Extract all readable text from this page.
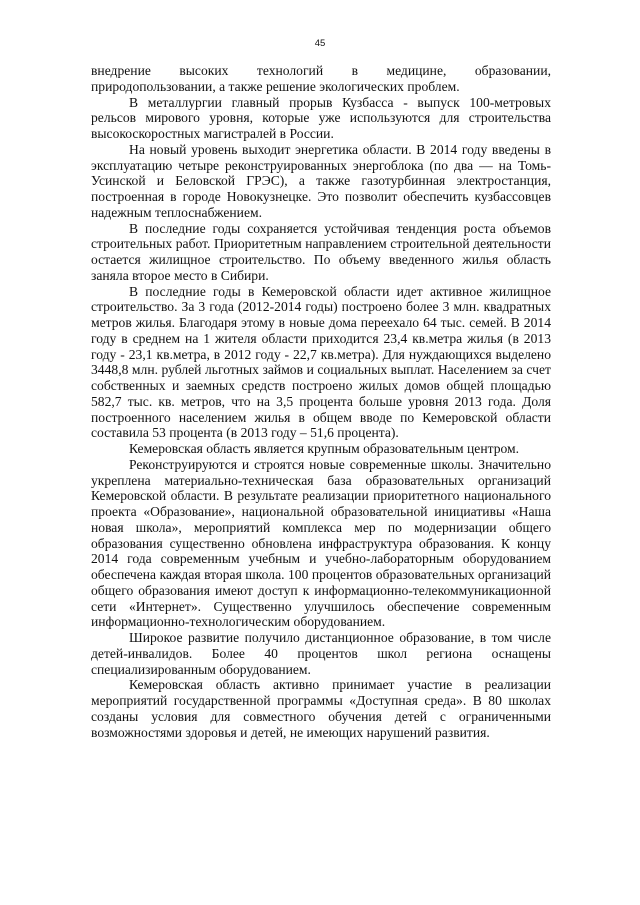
45

внедрение высоких технологий в медицине, образовании, природопользовании, а также решение экологических проблем.

В металлургии главный прорыв Кузбасса - выпуск 100-метровых рельсов мирового уровня, которые уже используются для строительства высокоскоростных магистралей в России.

На новый уровень выходит энергетика области. В 2014 году введены в эксплуатацию четыре реконструированных энергоблока (по два — на Томь-Усинской и Беловской ГРЭС), а также газотурбинная электростанция, построенная в городе Новокузнецке. Это позволит обеспечить кузбассовцев надежным теплоснабжением.

В последние годы сохраняется устойчивая тенденция роста объемов строительных работ. Приоритетным направлением строительной деятельности остается жилищное строительство. По объему введенного жилья область заняла второе место в Сибири.

В последние годы в Кемеровской области идет активное жилищное строительство. За 3 года (2012-2014 годы) построено более 3 млн. квадратных метров жилья. Благодаря этому в новые дома переехало 64 тыс. семей. В 2014 году в среднем на 1 жителя области приходится 23,4 кв.метра жилья (в 2013 году - 23,1 кв.метра, в 2012 году - 22,7 кв.метра). Для нуждающихся выделено 3448,8 млн. рублей льготных займов и социальных выплат. Населением за счет собственных и заемных средств построено жилых домов общей площадью 582,7 тыс. кв. метров, что на 3,5 процента больше уровня 2013 года. Доля построенного населением жилья в общем вводе по Кемеровской области составила 53 процента (в 2013 году – 51,6 процента).

Кемеровская область является крупным образовательным центром.

Реконструируются и строятся новые современные школы. Значительно укреплена материально-техническая база образовательных организаций Кемеровской области. В результате реализации приоритетного национального проекта «Образование», национальной образовательной инициативы «Наша новая школа», мероприятий комплекса мер по модернизации общего образования существенно обновлена инфраструктура образования. К концу 2014 года современным учебным и учебно-лабораторным оборудованием обеспечена каждая вторая школа. 100 процентов образовательных организаций общего образования имеют доступ к информационно-телекоммуникационной сети «Интернет». Существенно улучшилось обеспечение современным информационно-технологическим оборудованием.

Широкое развитие получило дистанционное образование, в том числе детей-инвалидов. Более 40 процентов школ региона оснащены специализированным оборудованием.

Кемеровская область активно принимает участие в реализации мероприятий государственной программы «Доступная среда». В 80 школах созданы условия для совместного обучения детей с ограниченными возможностями здоровья и детей, не имеющих нарушений развития.
